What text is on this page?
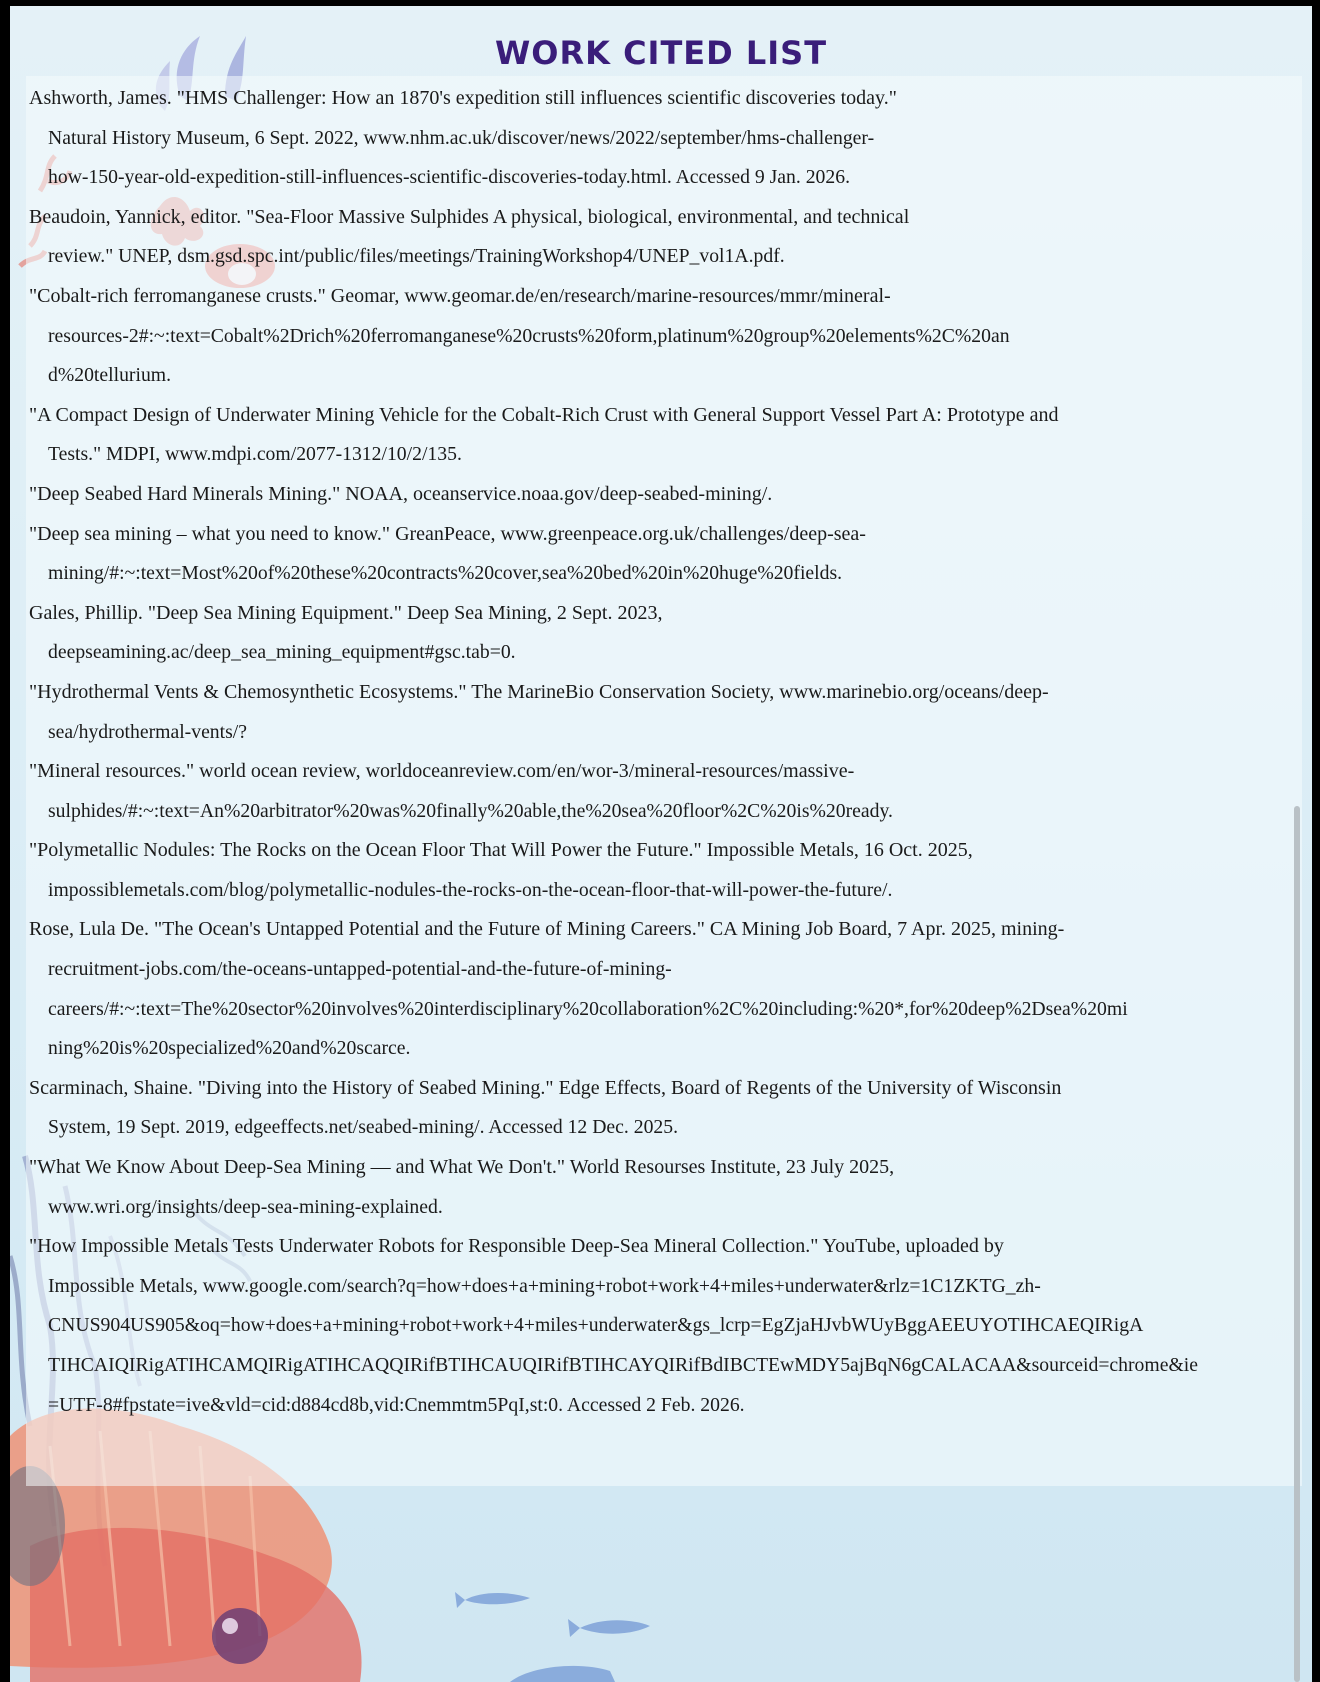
WORK CITED LIST
Ashworth, James. "HMS Challenger: How an 1870's expedition still influences scientific discoveries today."
Natural History Museum, 6 Sept. 2022, www.nhm.ac.uk/discover/news/2022/september/hms-challenger-
how-150-year-old-expedition-still-influences-scientific-discoveries-today.html. Accessed 9 Jan. 2026.
Beaudoin, Yannick, editor. "Sea-Floor Massive Sulphides A physical, biological, environmental, and technical
review." UNEP, dsm.gsd.spc.int/public/files/meetings/TrainingWorkshop4/UNEP_vol1A.pdf.
"Cobalt-rich ferromanganese crusts." Geomar, www.geomar.de/en/research/marine-resources/mmr/mineral-
resources-2#:~:text=Cobalt%2Drich%20ferromanganese%20crusts%20form,platinum%20group%20elements%2C%20an
d%20tellurium.
"A Compact Design of Underwater Mining Vehicle for the Cobalt-Rich Crust with General Support Vessel Part A: Prototype and
Tests." MDPI, www.mdpi.com/2077-1312/10/2/135.
"Deep Seabed Hard Minerals Mining." NOAA, oceanservice.noaa.gov/deep-seabed-mining/.
"Deep sea mining – what you need to know." GreanPeace, www.greenpeace.org.uk/challenges/deep-sea-
mining/#:~:text=Most%20of%20these%20contracts%20cover,sea%20bed%20in%20huge%20fields.
Gales, Phillip. "Deep Sea Mining Equipment." Deep Sea Mining, 2 Sept. 2023,
deepseamining.ac/deep_sea_mining_equipment#gsc.tab=0.
"Hydrothermal Vents & Chemosynthetic Ecosystems." The MarineBio Conservation Society, www.marinebio.org/oceans/deep-
sea/hydrothermal-vents/?
"Mineral resources." world ocean review, worldoceanreview.com/en/wor-3/mineral-resources/massive-
sulphides/#:~:text=An%20arbitrator%20was%20finally%20able,the%20sea%20floor%2C%20is%20ready.
"Polymetallic Nodules: The Rocks on the Ocean Floor That Will Power the Future." Impossible Metals, 16 Oct. 2025,
impossiblemetals.com/blog/polymetallic-nodules-the-rocks-on-the-ocean-floor-that-will-power-the-future/.
Rose, Lula De. "The Ocean's Untapped Potential and the Future of Mining Careers." CA Mining Job Board, 7 Apr. 2025, mining-
recruitment-jobs.com/the-oceans-untapped-potential-and-the-future-of-mining-
careers/#:~:text=The%20sector%20involves%20interdisciplinary%20collaboration%2C%20including:%20*,for%20deep%2Dsea%20mi
ning%20is%20specialized%20and%20scarce.
Scarminach, Shaine. "Diving into the History of Seabed Mining." Edge Effects, Board of Regents of the University of Wisconsin
System, 19 Sept. 2019, edgeeffects.net/seabed-mining/. Accessed 12 Dec. 2025.
"What We Know About Deep-Sea Mining — and What We Don't." World Resourses Institute, 23 July 2025,
www.wri.org/insights/deep-sea-mining-explained.
"How Impossible Metals Tests Underwater Robots for Responsible Deep-Sea Mineral Collection." YouTube, uploaded by
Impossible Metals, www.google.com/search?q=how+does+a+mining+robot+work+4+miles+underwater&rlz=1C1ZKTG_zh-
CNUS904US905&oq=how+does+a+mining+robot+work+4+miles+underwater&gs_lcrp=EgZjaHJvbWUyBggAEEUYOTIHCAEQIRigA
TIHCAIQIRigATIHCAMQIRigATIHCAQQIRifBTIHCAUQIRifBTIHCAYQIRifBdIBCTEwMDY5ajBqN6gCALACAA&sourceid=chrome&ie
=UTF-8#fpstate=ive&vld=cid:d884cd8b,vid:Cnemmtm5PqI,st:0. Accessed 2 Feb. 2026.
